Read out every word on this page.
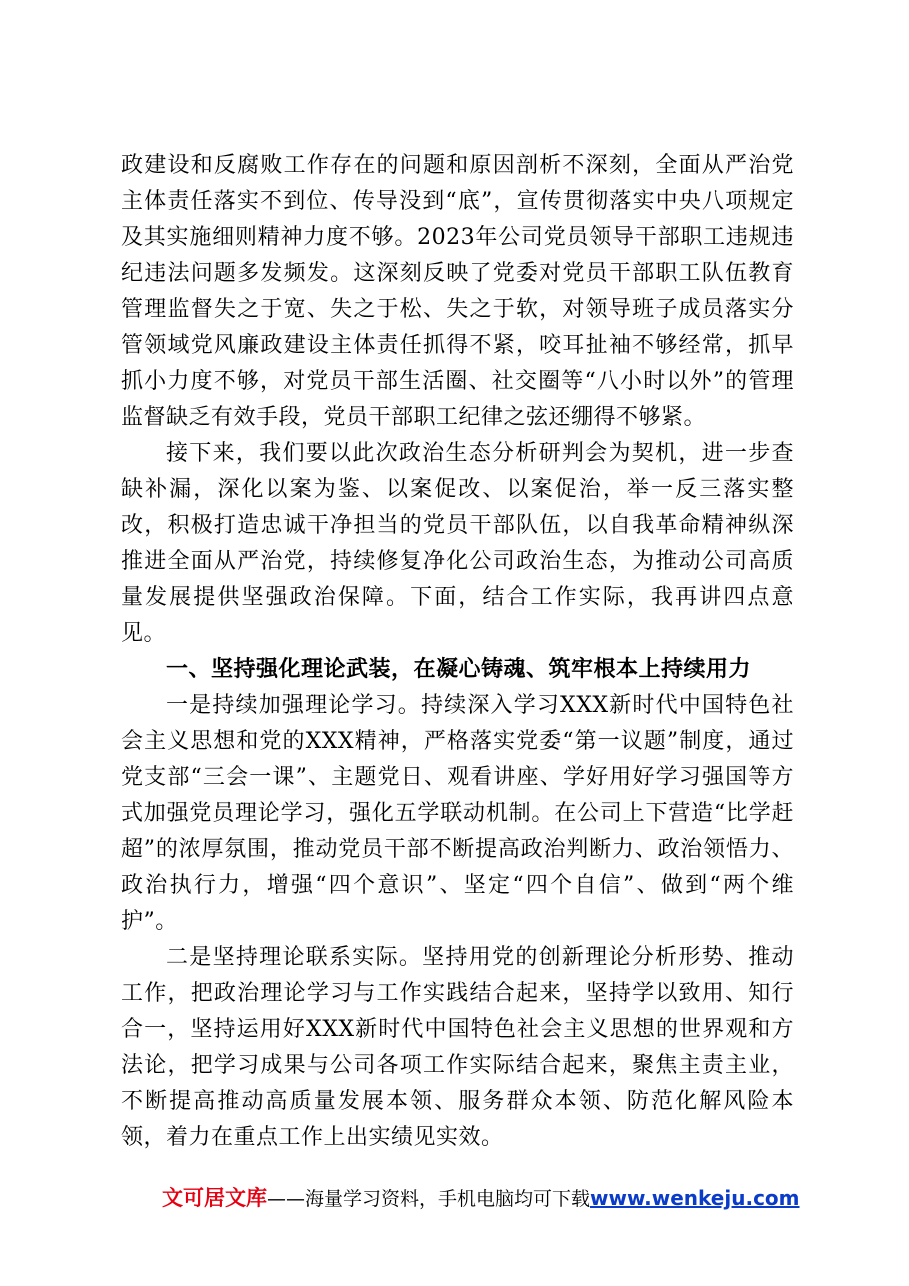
政建设和反腐败工作存在的问题和原因剖析不深刻，全面从严治党主体责任落实不到位、传导没到“底”，宣传贯彻落实中央八项规定及其实施细则精神力度不够。2023年公司党员领导干部职工违规违纪违法问题多发频发。这深刻反映了党委对党员干部职工队伍教育管理监督失之于宽、失之于松、失之于软，对领导班子成员落实分管领域党风廉政建设主体责任抓得不紧，咬耳扯袖不够经常，抓早抓小力度不够，对党员干部生活圈、社交圈等“八小时以外”的管理监督缺乏有效手段，党员干部职工纪律之弦还绷得不够紧。

接下来，我们要以此次政治生态分析研判会为契机，进一步查缺补漏，深化以案为鉴、以案促改、以案促治，举一反三落实整改，积极打造忠诚干净担当的党员干部队伍，以自我革命精神纵深推进全面从严治党，持续修复净化公司政治生态，为推动公司高质量发展提供坚强政治保障。下面，结合工作实际，我再讲四点意见。

一、坚持强化理论武装，在凝心铸魂、筑牢根本上持续用力

一是持续加强理论学习。持续深入学习XXX新时代中国特色社会主义思想和党的XXX精神，严格落实党委“第一议题”制度，通过党支部“三会一课”、主题党日、观看讲座、学好用好学习强国等方式加强党员理论学习，强化五学联动机制。在公司上下营造“比学赶超”的浓厚氛围，推动党员干部不断提高政治判断力、政治领悟力、政治执行力，增强“四个意识”、坚定“四个自信”、做到“两个维护”。

二是坚持理论联系实际。坚持用党的创新理论分析形势、推动工作，把政治理论学习与工作实践结合起来，坚持学以致用、知行合一，坚持运用好XXX新时代中国特色社会主义思想的世界观和方法论，把学习成果与公司各项工作实际结合起来，聚焦主责主业，不断提高推动高质量发展本领、服务群众本领、防范化解风险本领，着力在重点工作上出实绩见实效。

文可居文库——海量学习资料，手机电脑均可下载www.wenkeju.com
